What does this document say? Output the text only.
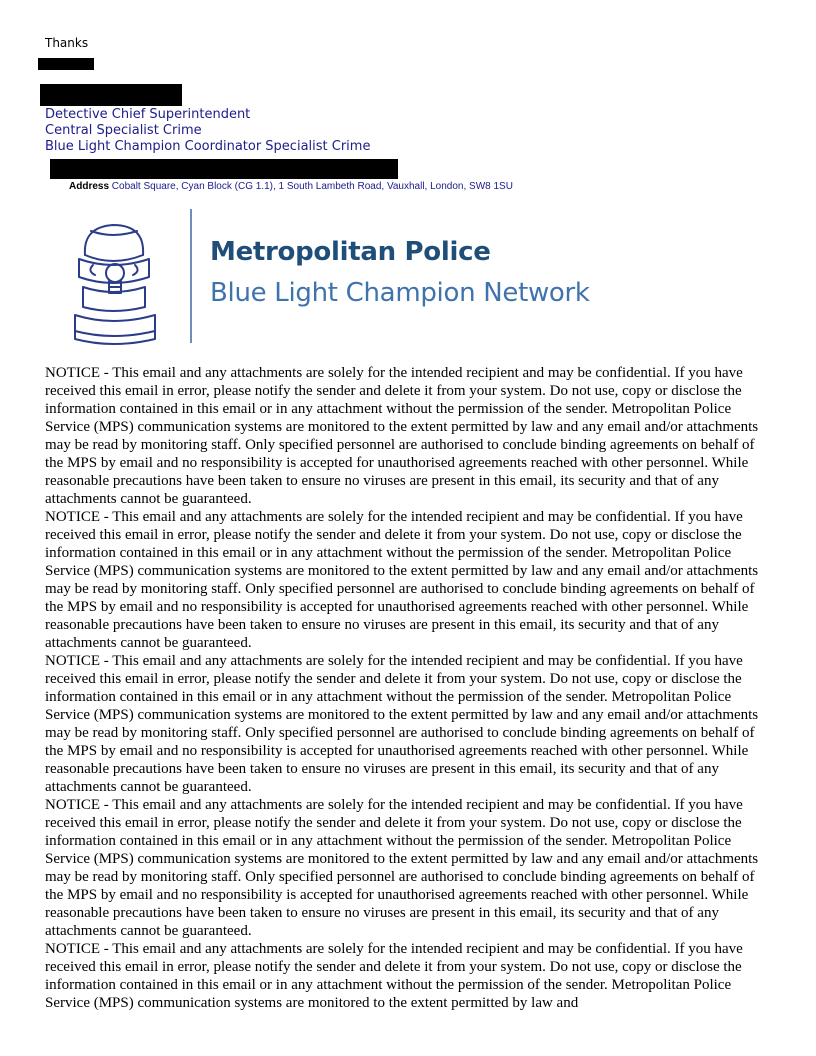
Thanks
Detective Chief Superintendent
Central Specialist Crime
Blue Light Champion Coordinator Specialist Crime
Address Cobalt Square, Cyan Block (CG 1.1), 1 South Lambeth Road, Vauxhall, London, SW8 1SU
Metropolitan Police
Blue Light Champion Network

NOTICE - This email and any attachments are solely for the intended recipient and may be confidential. If you have received this email in error, please notify the sender and delete it from your system. Do not use, copy or disclose the information contained in this email or in any attachment without the permission of the sender. Metropolitan Police Service (MPS) communication systems are monitored to the extent permitted by law and any email and/or attachments may be read by monitoring staff. Only specified personnel are authorised to conclude binding agreements on behalf of the MPS by email and no responsibility is accepted for unauthorised agreements reached with other personnel. While reasonable precautions have been taken to ensure no viruses are present in this email, its security and that of any attachments cannot be guaranteed.

NOTICE - This email and any attachments are solely for the intended recipient and may be confidential. If you have received this email in error, please notify the sender and delete it from your system. Do not use, copy or disclose the information contained in this email or in any attachment without the permission of the sender. Metropolitan Police Service (MPS) communication systems are monitored to the extent permitted by law and any email and/or attachments may be read by monitoring staff. Only specified personnel are authorised to conclude binding agreements on behalf of the MPS by email and no responsibility is accepted for unauthorised agreements reached with other personnel. While reasonable precautions have been taken to ensure no viruses are present in this email, its security and that of any attachments cannot be guaranteed.

NOTICE - This email and any attachments are solely for the intended recipient and may be confidential. If you have received this email in error, please notify the sender and delete it from your system. Do not use, copy or disclose the information contained in this email or in any attachment without the permission of the sender. Metropolitan Police Service (MPS) communication systems are monitored to the extent permitted by law and any email and/or attachments may be read by monitoring staff. Only specified personnel are authorised to conclude binding agreements on behalf of the MPS by email and no responsibility is accepted for unauthorised agreements reached with other personnel. While reasonable precautions have been taken to ensure no viruses are present in this email, its security and that of any attachments cannot be guaranteed.

NOTICE - This email and any attachments are solely for the intended recipient and may be confidential. If you have received this email in error, please notify the sender and delete it from your system. Do not use, copy or disclose the information contained in this email or in any attachment without the permission of the sender. Metropolitan Police Service (MPS) communication systems are monitored to the extent permitted by law and any email and/or attachments may be read by monitoring staff. Only specified personnel are authorised to conclude binding agreements on behalf of the MPS by email and no responsibility is accepted for unauthorised agreements reached with other personnel. While reasonable precautions have been taken to ensure no viruses are present in this email, its security and that of any attachments cannot be guaranteed.

NOTICE - This email and any attachments are solely for the intended recipient and may be confidential. If you have received this email in error, please notify the sender and delete it from your system. Do not use, copy or disclose the information contained in this email or in any attachment without the permission of the sender. Metropolitan Police Service (MPS) communication systems are monitored to the extent permitted by law and
